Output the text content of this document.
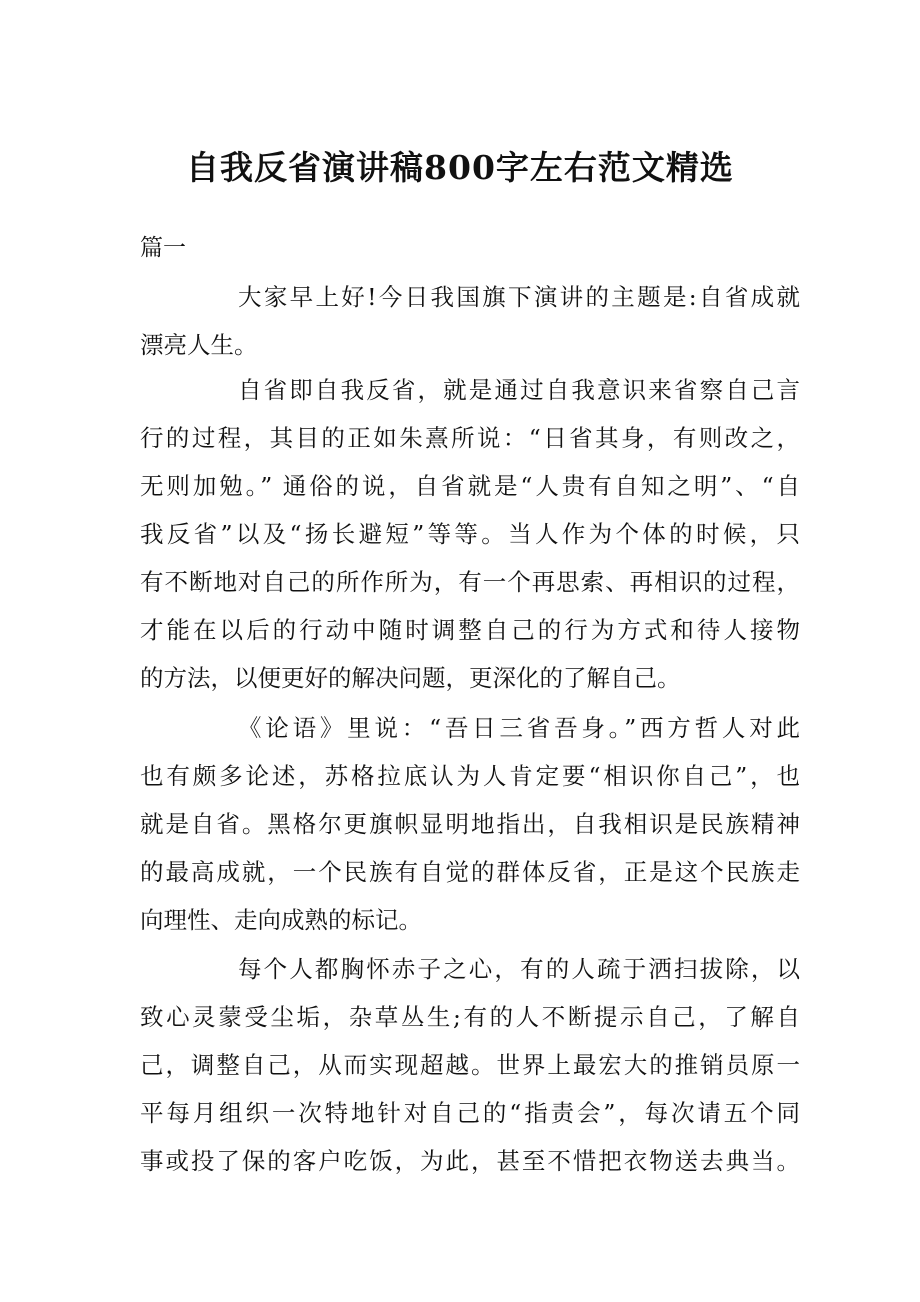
自我反省演讲稿800字左右范文精选
篇一
大家早上好!今日我国旗下演讲的主题是:自省成就
漂亮人生。
自省即自我反省，就是通过自我意识来省察自己言
行的过程，其目的正如朱熹所说：“日省其身，有则改之，
无则加勉。” 通俗的说，自省就是“人贵有自知之明”、“自
我反省”以及“扬长避短”等等。当人作为个体的时候，只
有不断地对自己的所作所为，有一个再思索、再相识的过程，
才能在以后的行动中随时调整自己的行为方式和待人接物
的方法，以便更好的解决问题，更深化的了解自己。
《论语》里说：“吾日三省吾身。”西方哲人对此
也有颇多论述，苏格拉底认为人肯定要“相识你自己”，也
就是自省。黑格尔更旗帜显明地指出，自我相识是民族精神
的最高成就，一个民族有自觉的群体反省，正是这个民族走
向理性、走向成熟的标记。
每个人都胸怀赤子之心，有的人疏于洒扫拔除，以
致心灵蒙受尘垢，杂草丛生;有的人不断提示自己，了解自
己，调整自己，从而实现超越。世界上最宏大的推销员原一
平每月组织一次特地针对自己的“指责会”，每次请五个同
事或投了保的客户吃饭，为此，甚至不惜把衣物送去典当。
